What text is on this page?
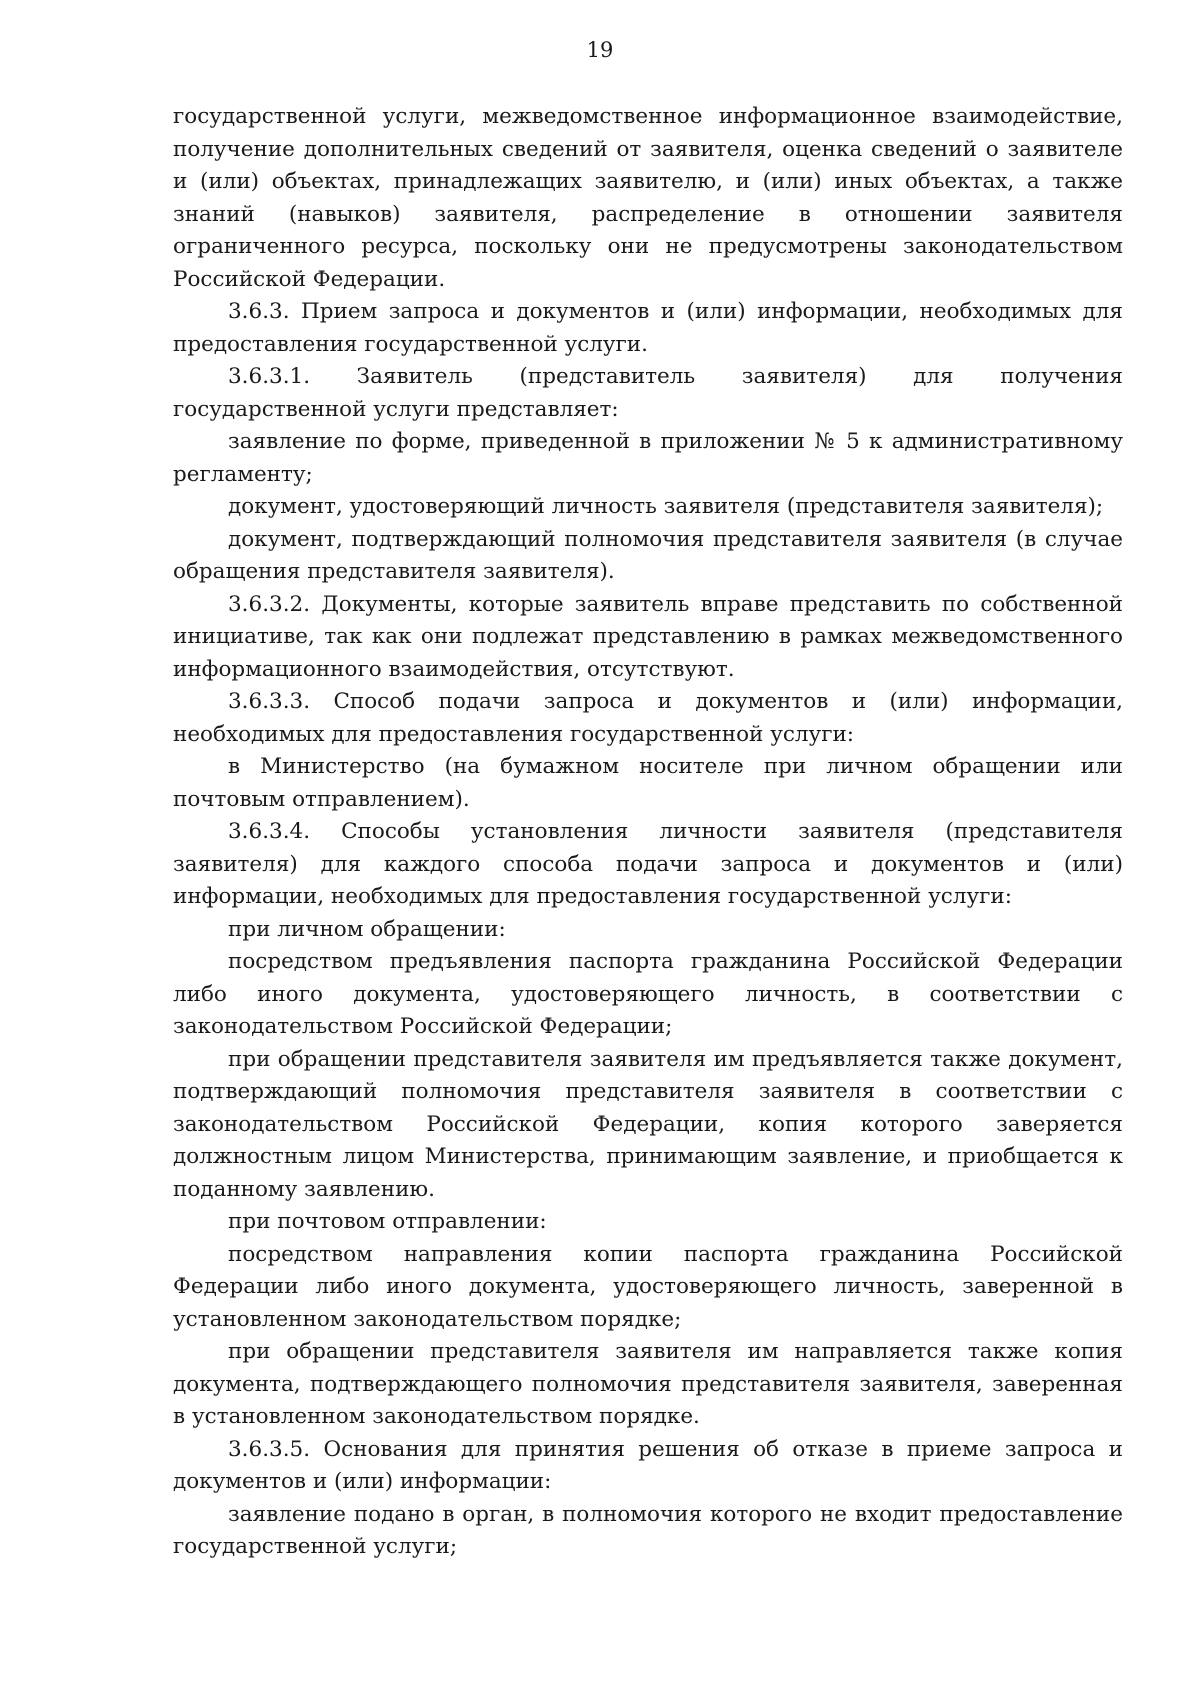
19

государственной услуги, межведомственное информационное взаимодействие, получение дополнительных сведений от заявителя, оценка сведений о заявителе и (или) объектах, принадлежащих заявителю, и (или) иных объектах, а также знаний (навыков) заявителя, распределение в отношении заявителя ограниченного ресурса, поскольку они не предусмотрены законодательством Российской Федерации.

3.6.3. Прием запроса и документов и (или) информации, необходимых для предоставления государственной услуги.

3.6.3.1. Заявитель (представитель заявителя) для получения государственной услуги представляет:

заявление по форме, приведенной в приложении № 5 к административному регламенту;

документ, удостоверяющий личность заявителя (представителя заявителя);

документ, подтверждающий полномочия представителя заявителя (в случае обращения представителя заявителя).

3.6.3.2. Документы, которые заявитель вправе представить по собственной инициативе, так как они подлежат представлению в рамках межведомственного информационного взаимодействия, отсутствуют.

3.6.3.3. Способ подачи запроса и документов и (или) информации, необходимых для предоставления государственной услуги:

в Министерство (на бумажном носителе при личном обращении или почтовым отправлением).

3.6.3.4. Способы установления личности заявителя (представителя заявителя) для каждого способа подачи запроса и документов и (или) информации, необходимых для предоставления государственной услуги:

при личном обращении:

посредством предъявления паспорта гражданина Российской Федерации либо иного документа, удостоверяющего личность, в соответствии с законодательством Российской Федерации;

при обращении представителя заявителя им предъявляется также документ, подтверждающий полномочия представителя заявителя в соответствии с законодательством Российской Федерации, копия которого заверяется должностным лицом Министерства, принимающим заявление, и приобщается к поданному заявлению.

при почтовом отправлении:

посредством направления копии паспорта гражданина Российской Федерации либо иного документа, удостоверяющего личность, заверенной в установленном законодательством порядке;

при обращении представителя заявителя им направляется также копия документа, подтверждающего полномочия представителя заявителя, заверенная в установленном законодательством порядке.

3.6.3.5. Основания для принятия решения об отказе в приеме запроса и документов и (или) информации:

заявление подано в орган, в полномочия которого не входит предоставление государственной услуги;
